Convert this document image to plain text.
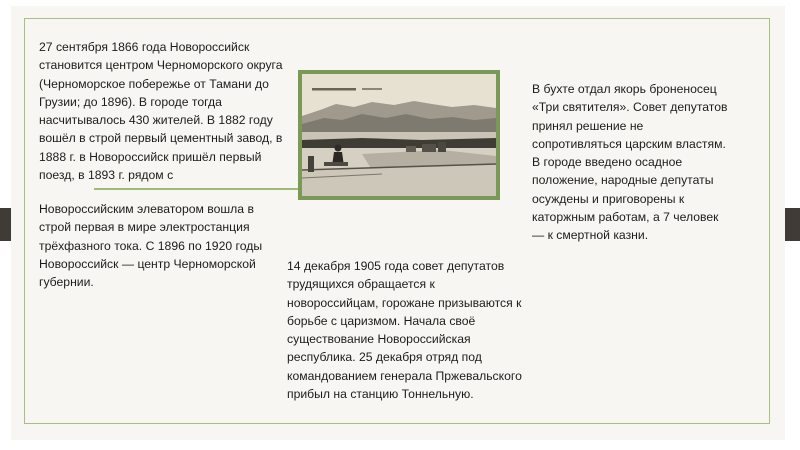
27 сентября 1866 года Новороссийск становится центром Черноморского округа (Черноморское побережье от Тамани до Грузии; до 1896). В городе тогда насчитывалось 430 жителей. В 1882 году вошёл в строй первый цементный завод, в 1888 г. в Новороссийск пришёл первый поезд, в 1893 г. рядом с

Новороссийским элеватором вошла в строй первая в мире электростанция трёхфазного тока. С 1896 по 1920 годы Новороссийск — центр Черноморской губернии.

14 декабря 1905 года совет депутатов трудящихся обращается к новороссийцам, горожане призываются к борьбе с царизмом. Начала своё существование Новороссийская республика. 25 декабря отряд под командованием генерала Пржевальского прибыл на станцию Тоннельную.

В бухте отдал якорь броненосец «Три святителя». Совет депутатов принял решение не сопротивляться царским властям. В городе введено осадное положение, народные депутаты осуждены и приговорены к каторжным работам, а 7 человек — к смертной казни.
